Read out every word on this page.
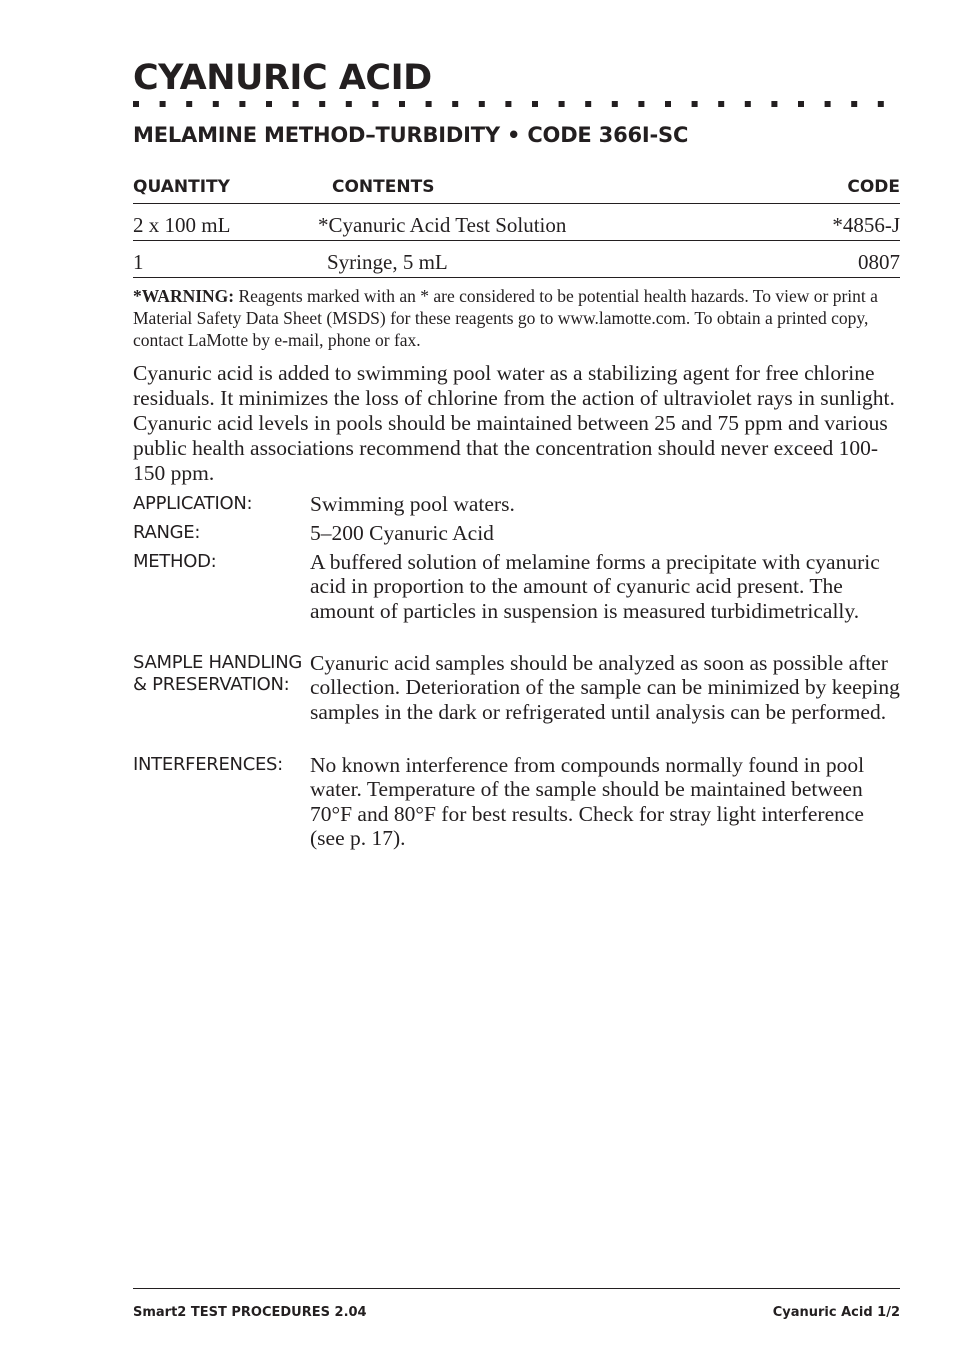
CYANURIC ACID
MELAMINE METHOD–TURBIDITY • CODE 366I-SC
QUANTITY	CONTENTS	CODE
2 x 100 mL	*Cyanuric Acid Test Solution	*4856-J
1	Syringe, 5 mL	0807

*WARNING: Reagents marked with an * are considered to be potential health hazards. To view or print a Material Safety Data Sheet (MSDS) for these reagents go to www.lamotte.com. To obtain a printed copy, contact LaMotte by e-mail, phone or fax.

Cyanuric acid is added to swimming pool water as a stabilizing agent for free chlorine residuals. It minimizes the loss of chlorine from the action of ultraviolet rays in sunlight. Cyanuric acid levels in pools should be maintained between 25 and 75 ppm and various public health associations recommend that the concentration should never exceed 100-150 ppm.

APPLICATION:	Swimming pool waters.
RANGE:	5–200 Cyanuric Acid
METHOD:	A buffered solution of melamine forms a precipitate with cyanuric acid in proportion to the amount of cyanuric acid present. The amount of particles in suspension is measured turbidimetrically.
SAMPLE HANDLING & PRESERVATION:
Cyanuric acid samples should be analyzed as soon as possible after collection. Deterioration of the sample can be minimized by keeping samples in the dark or refrigerated until analysis can be performed.
INTERFERENCES: No known interference from compounds normally found in pool water. Temperature of the sample should be maintained between 70°F and 80°F for best results. Check for stray light interference (see p. 17).
Smart2 TEST PROCEDURES 2.04	Cyanuric Acid 1/2
